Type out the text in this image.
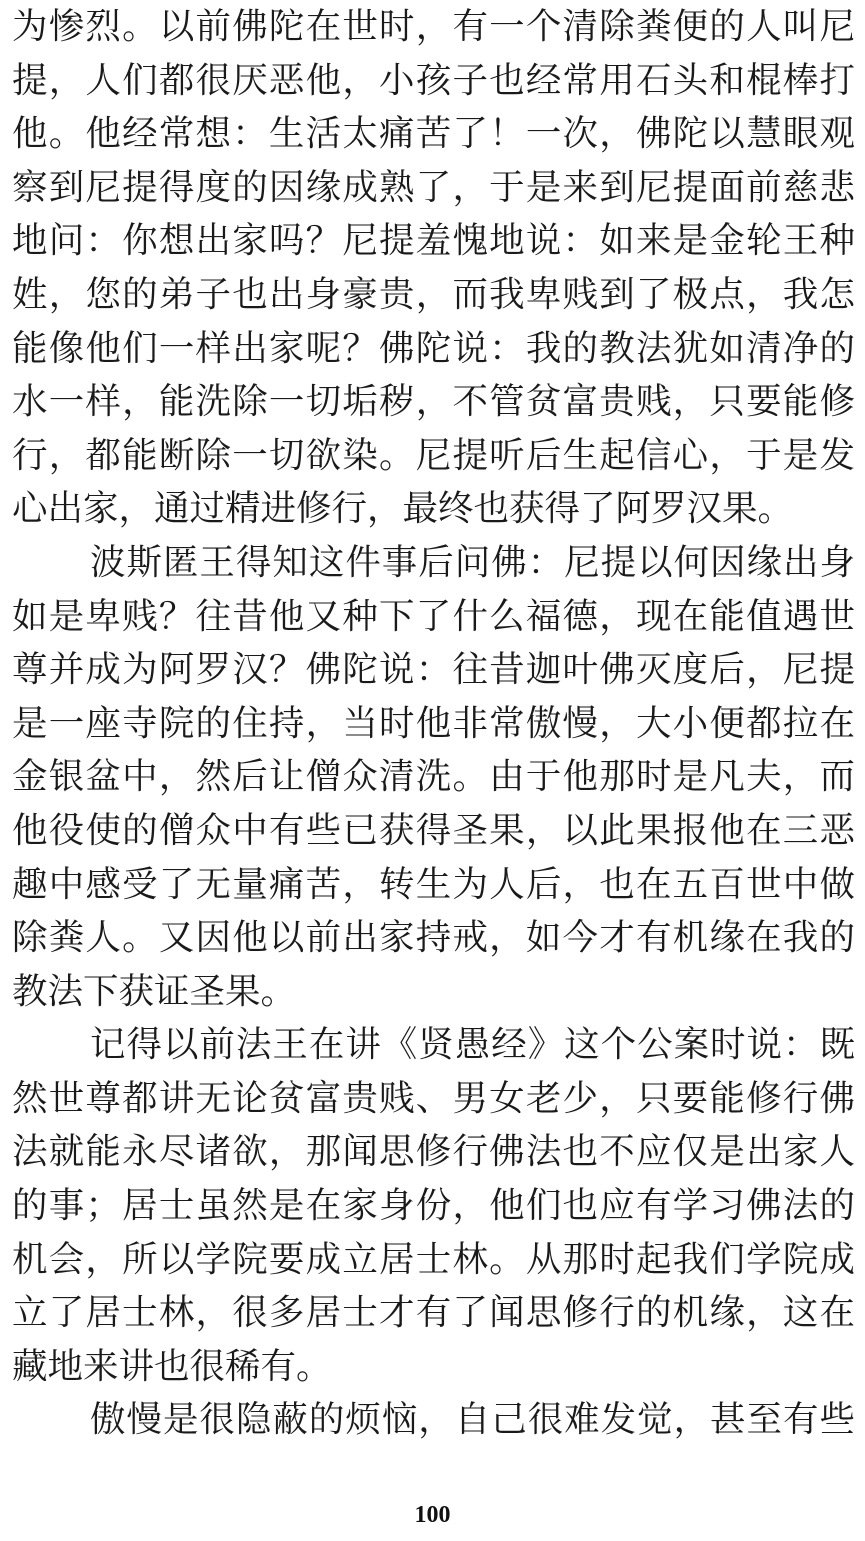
为惨烈。以前佛陀在世时，有一个清除粪便的人叫尼
提，人们都很厌恶他，小孩子也经常用石头和棍棒打
他。他经常想：生活太痛苦了！一次，佛陀以慧眼观
察到尼提得度的因缘成熟了，于是来到尼提面前慈悲
地问：你想出家吗？尼提羞愧地说：如来是金轮王种
姓，您的弟子也出身豪贵，而我卑贱到了极点，我怎
能像他们一样出家呢？佛陀说：我的教法犹如清净的
水一样，能洗除一切垢秽，不管贫富贵贱，只要能修
行，都能断除一切欲染。尼提听后生起信心，于是发
心出家，通过精进修行，最终也获得了阿罗汉果。
波斯匿王得知这件事后问佛：尼提以何因缘出身
如是卑贱？往昔他又种下了什么福德，现在能值遇世
尊并成为阿罗汉？佛陀说：往昔迦叶佛灭度后，尼提
是一座寺院的住持，当时他非常傲慢，大小便都拉在
金银盆中，然后让僧众清洗。由于他那时是凡夫，而
他役使的僧众中有些已获得圣果，以此果报他在三恶
趣中感受了无量痛苦，转生为人后，也在五百世中做
除粪人。又因他以前出家持戒，如今才有机缘在我的
教法下获证圣果。
记得以前法王在讲《贤愚经》这个公案时说：既
然世尊都讲无论贫富贵贱、男女老少，只要能修行佛
法就能永尽诸欲，那闻思修行佛法也不应仅是出家人
的事；居士虽然是在家身份，他们也应有学习佛法的
机会，所以学院要成立居士林。从那时起我们学院成
立了居士林，很多居士才有了闻思修行的机缘，这在
藏地来讲也很稀有。
傲慢是很隐蔽的烦恼，自己很难发觉，甚至有些
100
